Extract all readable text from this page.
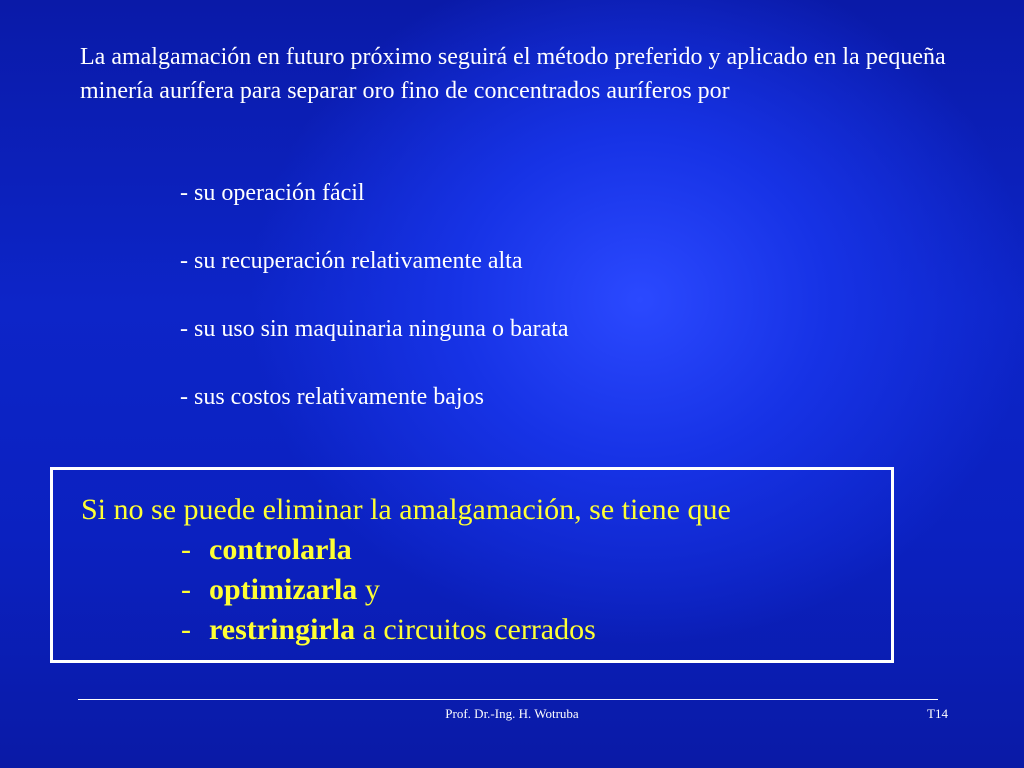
La amalgamación en futuro próximo seguirá el método preferido y aplicado en la pequeña minería aurífera para separar oro fino de concentrados auríferos por

- su operación fácil
- su recuperación relativamente alta
- su uso sin maquinaria ninguna o barata
- sus costos relativamente bajos
Si no se puede eliminar la amalgamación, se tiene que
- controlarla
- optimizarla y
- restringirla a circuitos cerrados
Prof. Dr.-Ing. H. Wotruba	T14
